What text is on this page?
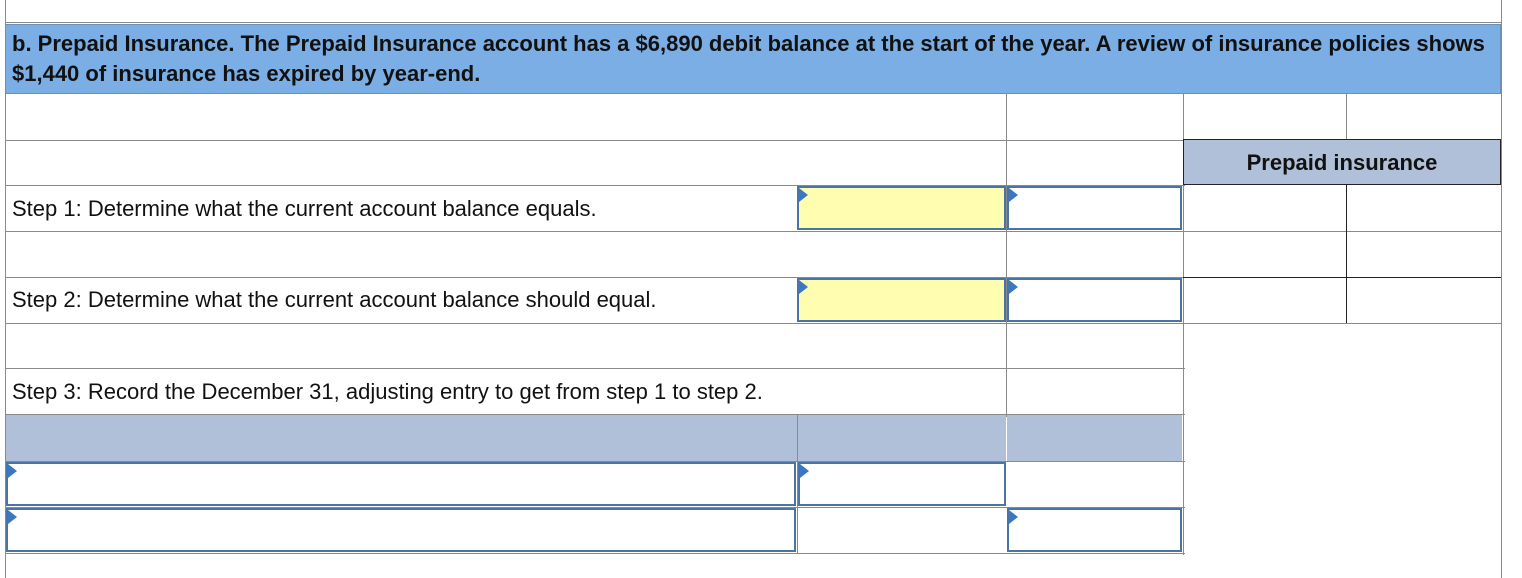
b. Prepaid Insurance. The Prepaid Insurance account has a $6,890 debit balance at the start of the year. A review of insurance policies shows $1,440 of insurance has expired by year-end.
Prepaid insurance
Step 1: Determine what the current account balance equals.
Step 2: Determine what the current account balance should equal.
Step 3: Record the December 31, adjusting entry to get from step 1 to step 2.
